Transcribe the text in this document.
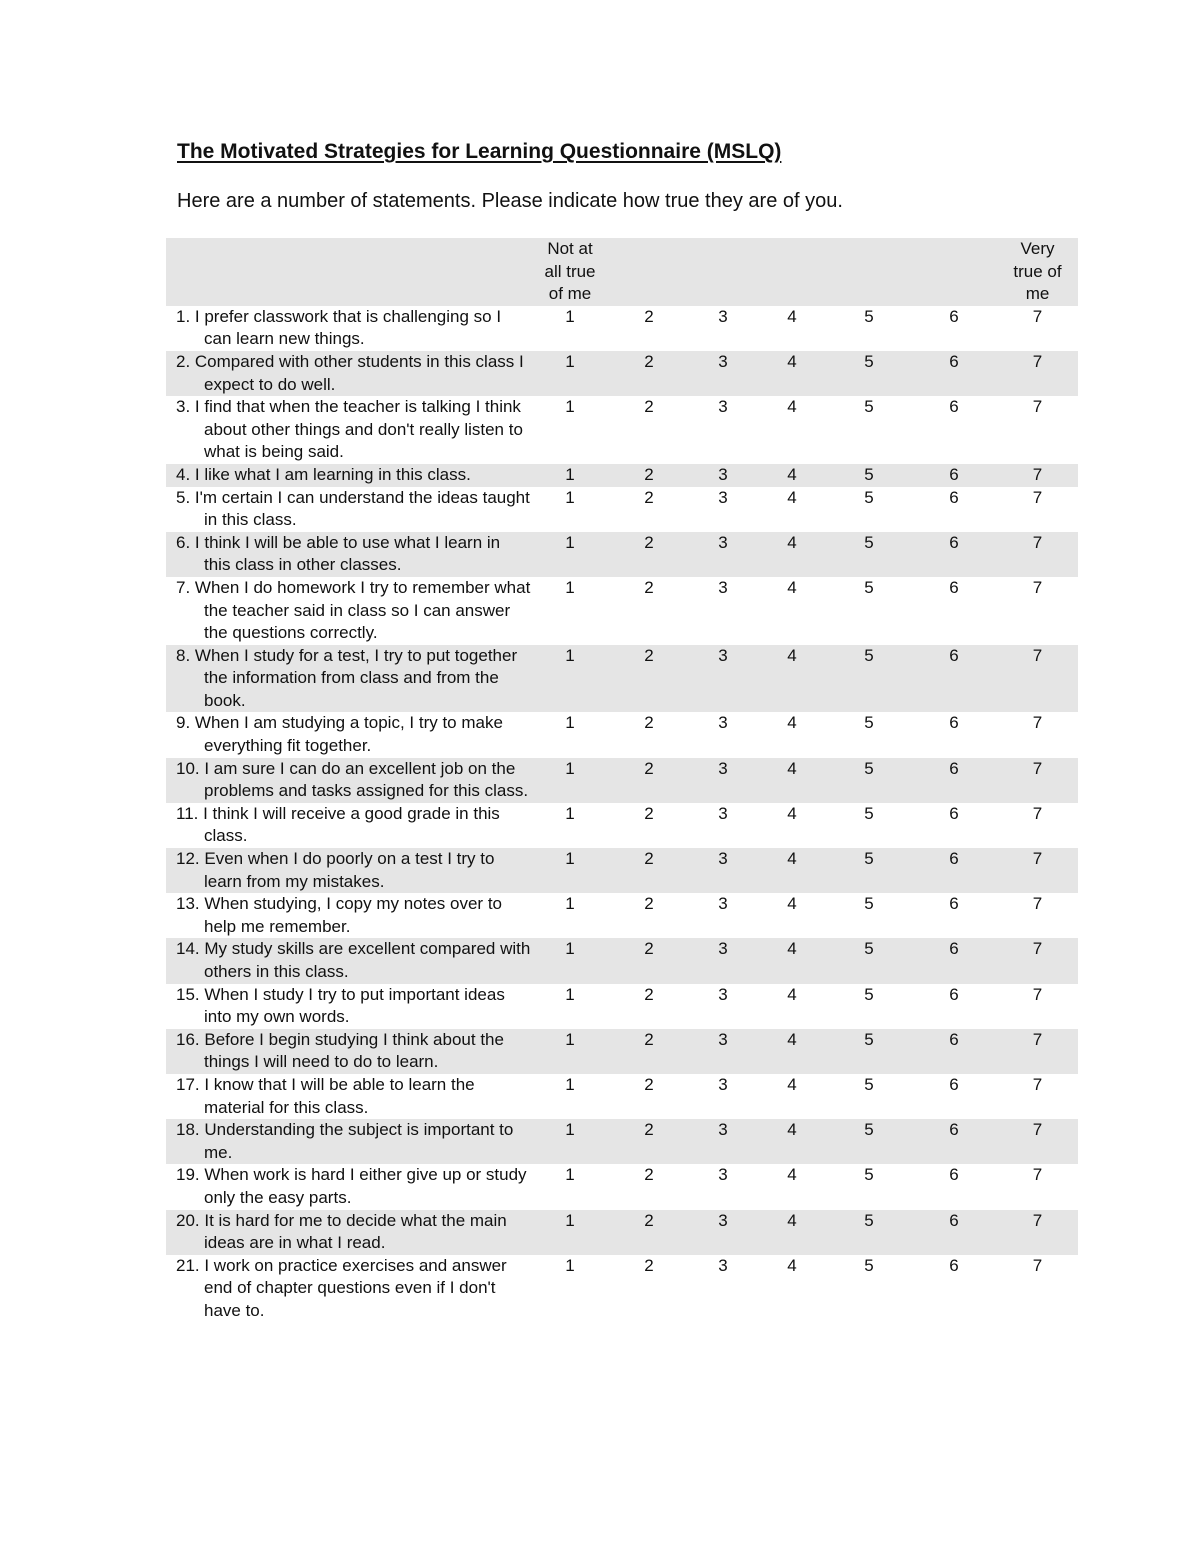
The Motivated Strategies for Learning Questionnaire (MSLQ)
Here are a number of statements. Please indicate how true they are of you.

	Not at all true of me						Very true of me

1. I prefer classwork that is challenging so I can learn new things.	1	2	3	4	5	6	7

2. Compared with other students in this class I expect to do well.	1	2	3	4	5	6	7

3. I find that when the teacher is talking I think about other things and don't really listen to what is being said.	1	2	3	4	5	6	7

4. I like what I am learning in this class.	1	2	3	4	5	6	7

5. I'm certain I can understand the ideas taught in this class.	1	2	3	4	5	6	7

6. I think I will be able to use what I learn in this class in other classes.	1	2	3	4	5	6	7

7. When I do homework I try to remember what the teacher said in class so I can answer the questions correctly.	1	2	3	4	5	6	7

8. When I study for a test, I try to put together the information from class and from the book.	1	2	3	4	5	6	7

9. When I am studying a topic, I try to make everything fit together.	1	2	3	4	5	6	7

10. I am sure I can do an excellent job on the problems and tasks assigned for this class.	1	2	3	4	5	6	7

11. I think I will receive a good grade in this class.	1	2	3	4	5	6	7

12. Even when I do poorly on a test I try to learn from my mistakes.	1	2	3	4	5	6	7

13. When studying, I copy my notes over to help me remember.	1	2	3	4	5	6	7

14. My study skills are excellent compared with others in this class.	1	2	3	4	5	6	7

15. When I study I try to put important ideas into my own words.	1	2	3	4	5	6	7

16. Before I begin studying I think about the things I will need to do to learn.	1	2	3	4	5	6	7

17. I know that I will be able to learn the material for this class.	1	2	3	4	5	6	7

18. Understanding the subject is important to me.	1	2	3	4	5	6	7

19. When work is hard I either give up or study only the easy parts.	1	2	3	4	5	6	7

20. It is hard for me to decide what the main ideas are in what I read.	1	2	3	4	5	6	7

21. I work on practice exercises and answer end of chapter questions even if I don't have to.	1	2	3	4	5	6	7
